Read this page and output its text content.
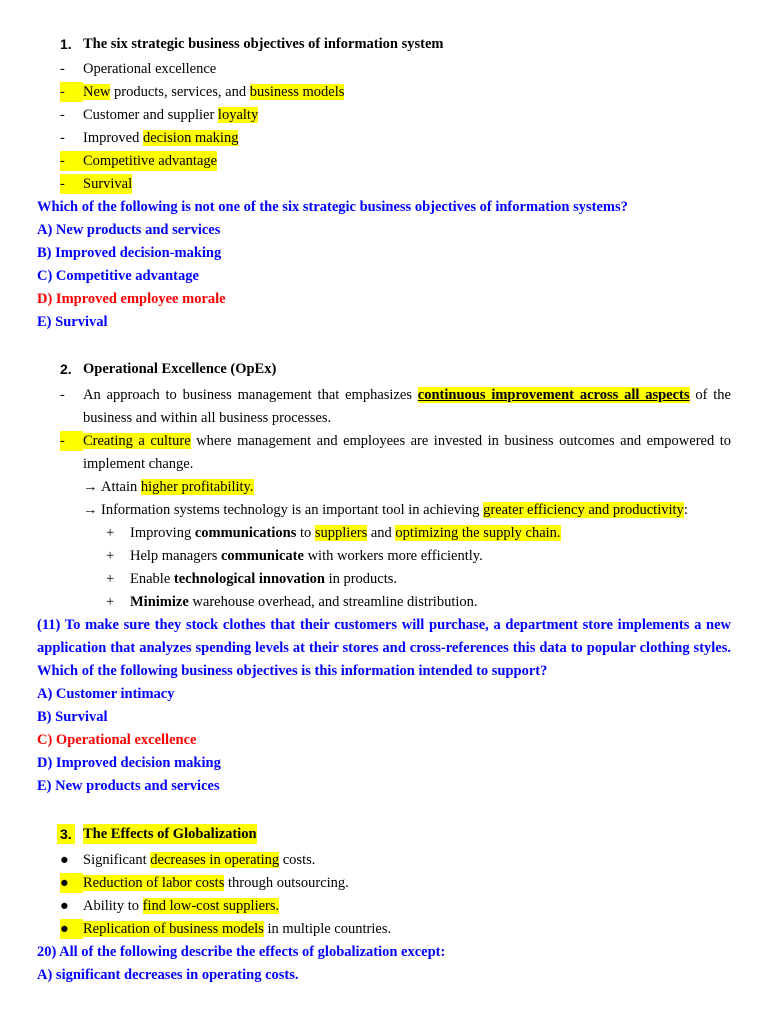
1. The six strategic business objectives of information system
-	Operational excellence
-	New products, services, and business models
-	Customer and supplier loyalty
-	Improved decision making
-	Competitive advantage
-	Survival
Which of the following is not one of the six strategic business objectives of information systems?
A) New products and services
B) Improved decision-making
C) Competitive advantage
D) Improved employee morale
E) Survival
2. Operational Excellence (OpEx)
-	An approach to business management that emphasizes continuous improvement across all aspects of the
business and within all business processes.
-	Creating a culture where management and employees are invested in business outcomes and empowered to
implement change.
→ Attain higher profitability.
→ Information systems technology is an important tool in achieving greater efficiency and productivity:
+ Improving communications to suppliers and optimizing the supply chain.
+ Help managers communicate with workers more efficiently.
+ Enable technological innovation in products.
+ Minimize warehouse overhead, and streamline distribution.
(11) To make sure they stock clothes that their customers will purchase, a department store implements a new
application that analyzes spending levels at their stores and cross-references this data to popular clothing styles.
Which of the following business objectives is this information intended to support?
A) Customer intimacy
B) Survival
C) Operational excellence
D) Improved decision making
E) New products and services
3. The Effects of Globalization
● Significant decreases in operating costs.
● Reduction of labor costs through outsourcing.
● Ability to find low-cost suppliers.
● Replication of business models in multiple countries.
20) All of the following describe the effects of globalization except:
A) significant decreases in operating costs.
